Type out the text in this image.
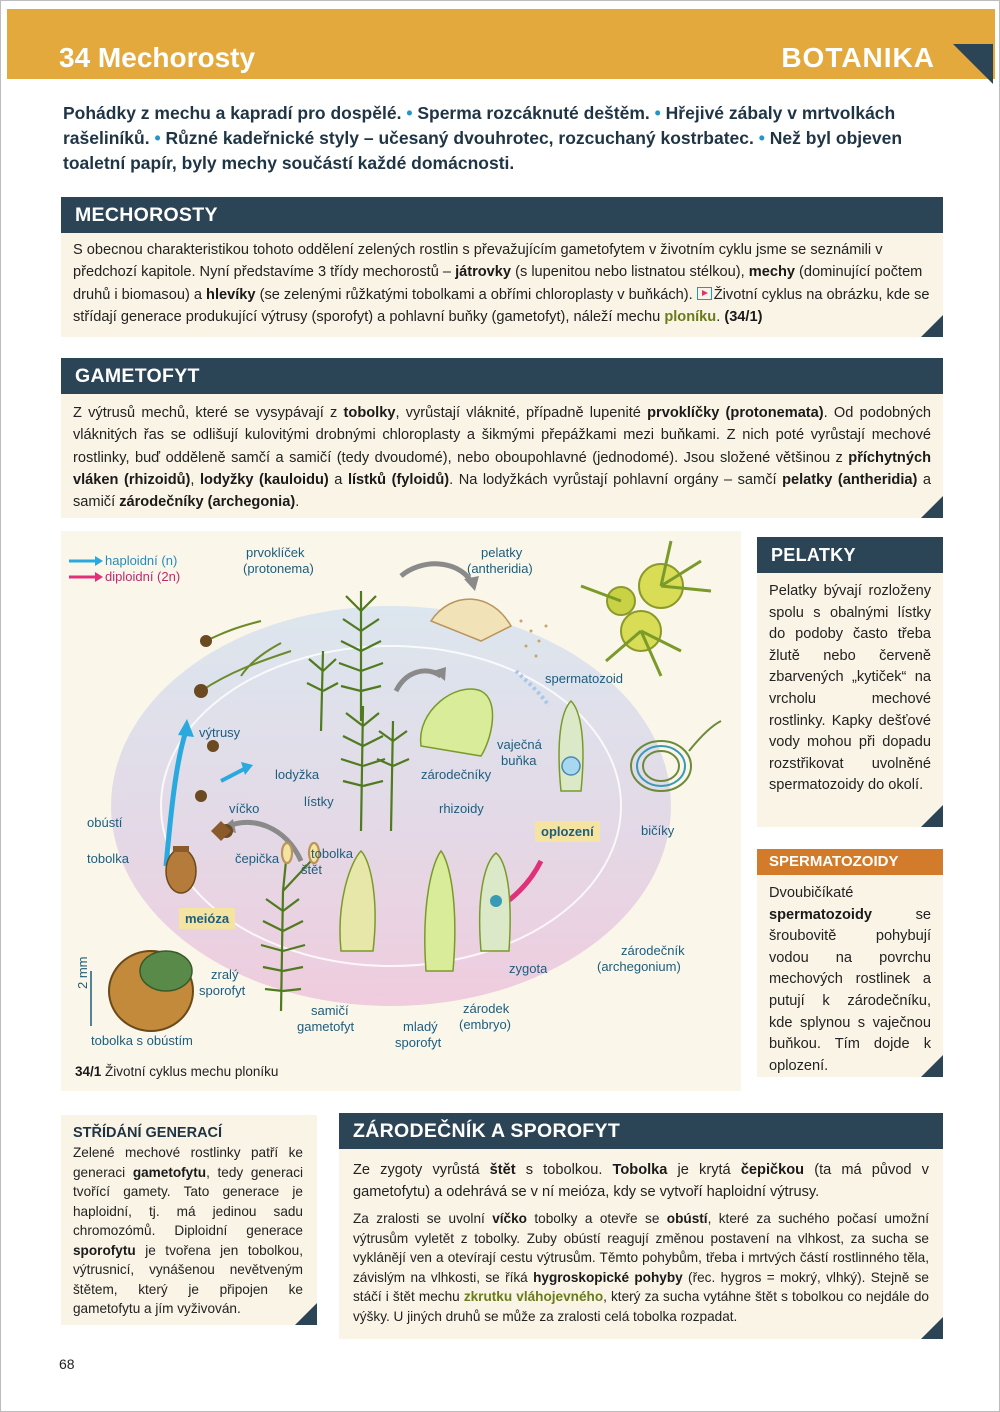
34 Mechorosty	BOTANIKA
Pohádky z mechu a kapradí pro dospělé. • Sperma rozcáknuté deštěm. • Hřejivé zábaly v mrtvolkách rašeliníků. • Různé kadeřnické styly – učesaný dvouhrotec, rozcuchaný kostrbatec. • Než byl objeven toaletní papír, byly mechy součástí každé domácnosti.
MECHOROSTY
S obecnou charakteristikou tohoto oddělení zelených rostlin s převažujícím gametofytem v životním cyklu jsme se seznámili v předchozí kapitole. Nyní představíme 3 třídy mechorostů – játrovky (s lupenitou nebo listnatou stélkou), mechy (dominující počtem druhů i biomasou) a hlevíky (se zelenými růžkatými tobolkami a obřími chloroplasty v buňkách). Životní cyklus na obrázku, kde se střídají generace produkující výtrusy (sporofyt) a pohlavní buňky (gametofyt), náleží mechu ploníku. (34/1)
GAMETOFYT
Z výtrusů mechů, které se vysypávají z tobolky, vyrůstají vláknité, případně lupenité prvoklíčky (protonemata). Od podobných vláknitých řas se odlišují kulovitými drobnými chloroplasty a šikmými přepážkami mezi buňkami. Z nich poté vyrůstají mechové rostlinky, buď odděleně samčí a samičí (tedy dvoudomé), nebo oboupohlavné (jednodomé). Jsou složené většinou z příchytných vláken (rhizoidů), lodyžky (kauloidu) a lístků (fyloidů). Na lodyžkách vyrůstají pohlavní orgány – samčí pelatky (antheridia) a samičí zárodečníky (archegonia).
haploidní (n)
diploidní (2n)
prvoklíček
(protonema)
pelatky
(antheridia)
spermatozoid
výtrusy
lodyžka
lístky
vaječná
buňka
zárodečníky
rhizoidy
obústí
víčko
tobolka	čepička tobolka
štět
oplození	bičíky
meióza
zralý
sporofyt
zárodečník
(archegonium)
zygota
2 mm
tobolka s obústím
samičí
gametofyt	mladý
sporofyt
zárodek
(embryo)
34/1 Životní cyklus mechu ploníku
PELATKY
Pelatky bývají rozloženy spolu s obalnými lístky do podoby často třeba žlutě nebo červeně zbarvených „kytiček“ na vrcholu mechové rostlinky. Kapky dešťové vody mohou při dopadu rozstřikovat uvolněné spermatozoidy do okolí.
SPERMATOZOIDY
Dvoubičíkaté spermatozoidy se šroubovitě pohybují vodou na povrchu mechových rostlinek a putují k zárodečníku, kde splynou s vaječnou buňkou. Tím dojde k oplození.
STŘÍDÁNÍ GENERACÍ
Zelené mechové rostlinky patří ke generaci gametofytu, tedy generaci tvořící gamety. Tato generace je haploidní, tj. má jedinou sadu chromozómů. Diploidní generace sporofytu je tvořena jen tobolkou, výtrusnicí, vynášenou nevětveným štětem, který je připojen ke gametofytu a jím vyživován.
ZÁRODEČNÍK A SPOROFYT
Ze zygoty vyrůstá štět s tobolkou. Tobolka je krytá čepičkou (ta má původ v gametofytu) a odehrává se v ní meióza, kdy se vytvoří haploidní výtrusy.
Za zralosti se uvolní víčko tobolky a otevře se obústí, které za suchého počasí umožní výtrusům vyletět z tobolky. Zuby obústí reagují změnou postavení na vlhkost, za sucha se vyklánějí ven a otevírají cestu výtrusům. Těmto pohybům, třeba i mrtvých částí rostlinného těla, závislým na vlhkosti, se říká hygroskopické pohyby (řec. hygros = mokrý, vlhký). Stejně se stáčí i štět mechu zkrutku vláhojevného, který za sucha vytáhne štět s tobolkou co nejdále do výšky. U jiných druhů se může za zralosti celá tobolka rozpadat.
68
